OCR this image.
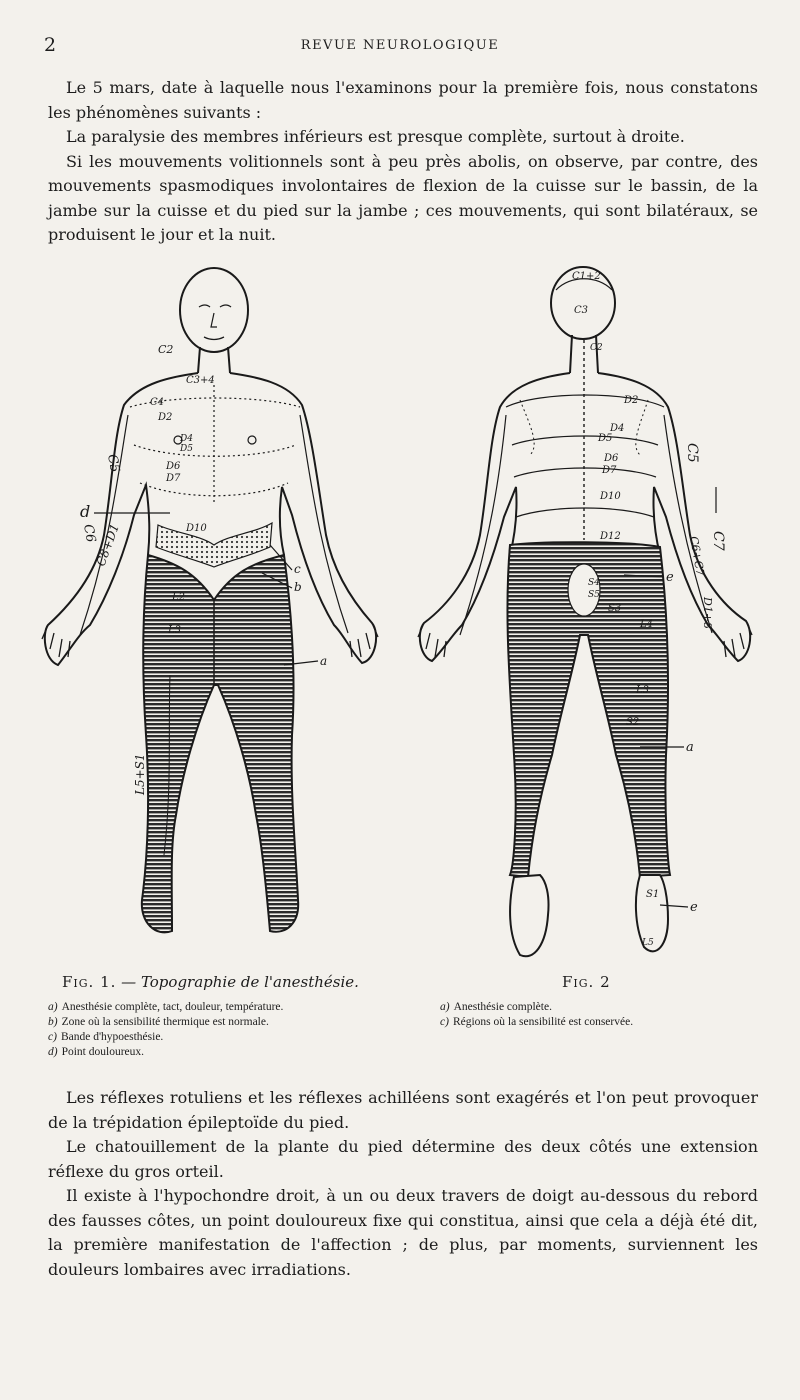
2	REVUE NEUROLOGIQUE

Le 5 mars, date à laquelle nous l'examinons pour la première fois, nous constatons les phénomènes suivants :

La paralysie des membres inférieurs est presque complète, surtout à droite.

Si les mouvements volitionnels sont à peu près abolis, on observe, par contre, des mouvements spasmodiques involontaires de flexion de la cuisse sur le bassin, de la jambe sur la cuisse et du pied sur la jambe ; ces mouvements, qui sont bilatéraux, se produisent le jour et la nuit.

C2
C3+4
C4
D2
D4
D5
D6
D7
D10
C5
C6
C8+D1
L5+S1
L2
L3
d
c
b
a
C1+2
C3
C2
D2
D4
D5
D6
D7
D10
D12
S4
S5
S3
L4
L3
S2
S1
L5
C5
C7
C6+C7
D1+8
e
a
e
Fig. 1. — Topographie de l'anesthésie.	Fig. 2
a) Anesthésie complète, tact, douleur, température.
b) Zone où la sensibilité thermique est normale.
c) Bande d'hypoesthésie.
d) Point douloureux.
a) Anesthésie complète.
c) Régions où la sensibilité est conservée.

Les réflexes rotuliens et les réflexes achilléens sont exagérés et l'on peut provoquer de la trépidation épileptoïde du pied.

Le chatouillement de la plante du pied détermine des deux côtés une extension réflexe du gros orteil.

Il existe à l'hypochondre droit, à un ou deux travers de doigt au-dessous du rebord des fausses côtes, un point douloureux fixe qui constitua, ainsi que cela a déjà été dit, la première manifestation de l'affection ; de plus, par moments, surviennent les douleurs lombaires avec irradiations.
